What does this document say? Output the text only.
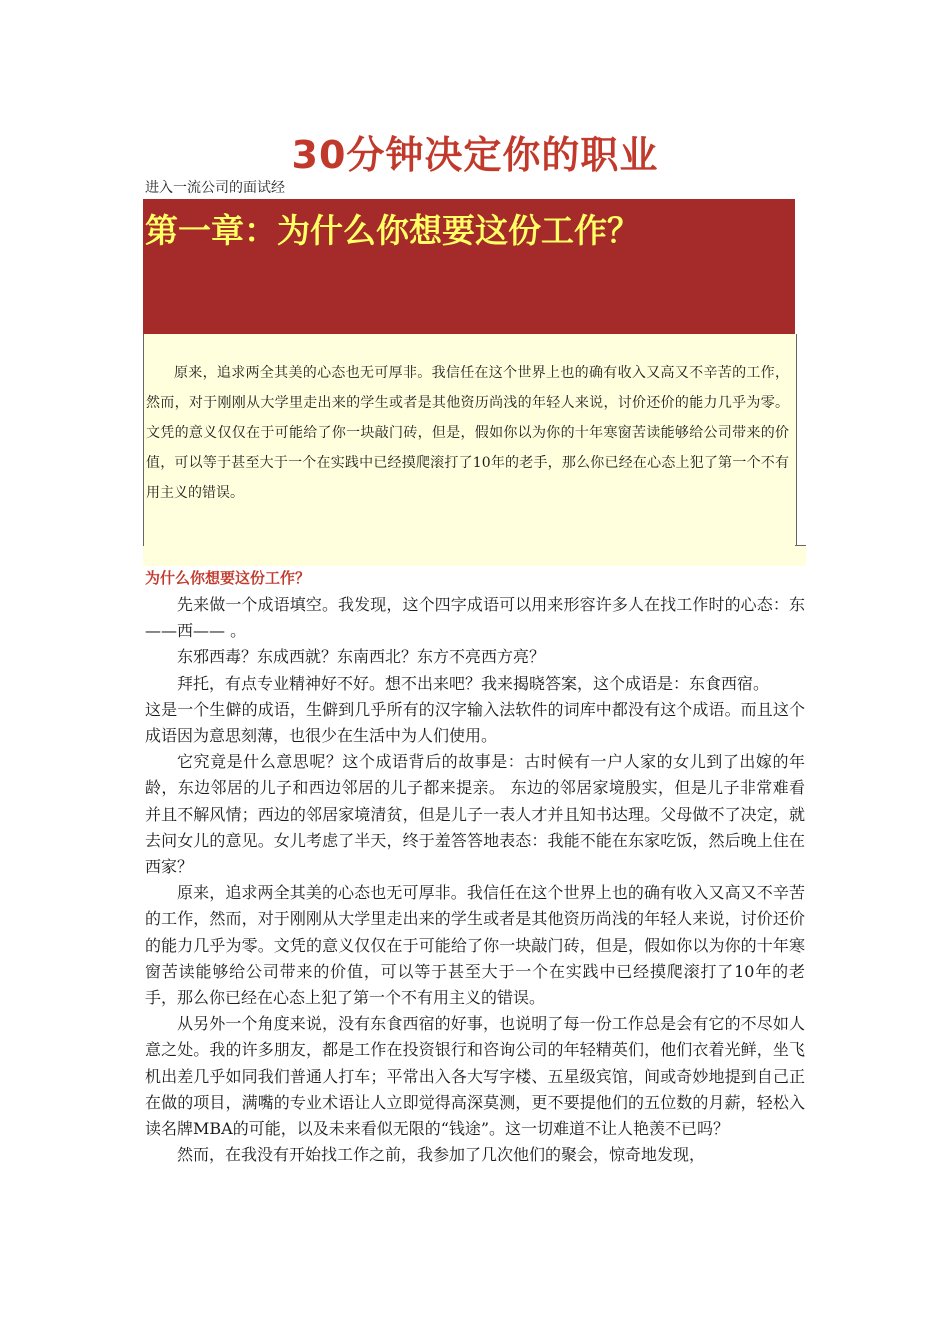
30分钟决定你的职业
进入一流公司的面试经
第一章：为什么你想要这份工作？

原来，追求两全其美的心态也无可厚非。我信任在这个世界上也的确有收入又高又不辛苦的工作，然而，对于刚刚从大学里走出来的学生或者是其他资历尚浅的年轻人来说，讨价还价的能力几乎为零。文凭的意义仅仅在于可能给了你一块敲门砖，但是，假如你以为你的十年寒窗苦读能够给公司带来的价值，可以等于甚至大于一个在实践中已经摸爬滚打了10年的老手，那么你已经在心态上犯了第一个不有用主义的错误。

为什么你想要这份工作？

先来做一个成语填空。我发现，这个四字成语可以用来形容许多人在找工作时的心态：东——西—— 。

东邪西毒？东成西就？东南西北？东方不亮西方亮？

拜托，有点专业精神好不好。想不出来吧？我来揭晓答案，这个成语是：东食西宿。

这是一个生僻的成语，生僻到几乎所有的汉字输入法软件的词库中都没有这个成语。而且这个成语因为意思刻薄，也很少在生活中为人们使用。

它究竟是什么意思呢？这个成语背后的故事是：古时候有一户人家的女儿到了出嫁的年龄，东边邻居的儿子和西边邻居的儿子都来提亲。 东边的邻居家境殷实，但是儿子非常难看并且不解风情；西边的邻居家境清贫，但是儿子一表人才并且知书达理。父母做不了决定，就去问女儿的意见。女儿考虑了半天，终于羞答答地表态：我能不能在东家吃饭，然后晚上住在西家？

原来，追求两全其美的心态也无可厚非。我信任在这个世界上也的确有收入又高又不辛苦的工作，然而，对于刚刚从大学里走出来的学生或者是其他资历尚浅的年轻人来说，讨价还价的能力几乎为零。文凭的意义仅仅在于可能给了你一块敲门砖，但是，假如你以为你的十年寒窗苦读能够给公司带来的价值，可以等于甚至大于一个在实践中已经摸爬滚打了10年的老手，那么你已经在心态上犯了第一个不有用主义的错误。

从另外一个角度来说，没有东食西宿的好事，也说明了每一份工作总是会有它的不尽如人意之处。我的许多朋友，都是工作在投资银行和咨询公司的年轻精英们，他们衣着光鲜，坐飞机出差几乎如同我们普通人打车；平常出入各大写字楼、五星级宾馆，间或奇妙地提到自己正在做的项目，满嘴的专业术语让人立即觉得高深莫测，更不要提他们的五位数的月薪，轻松入读名牌MBA的可能，以及未来看似无限的“钱途”。这一切难道不让人艳羡不已吗？

然而，在我没有开始找工作之前，我参加了几次他们的聚会，惊奇地发现，
